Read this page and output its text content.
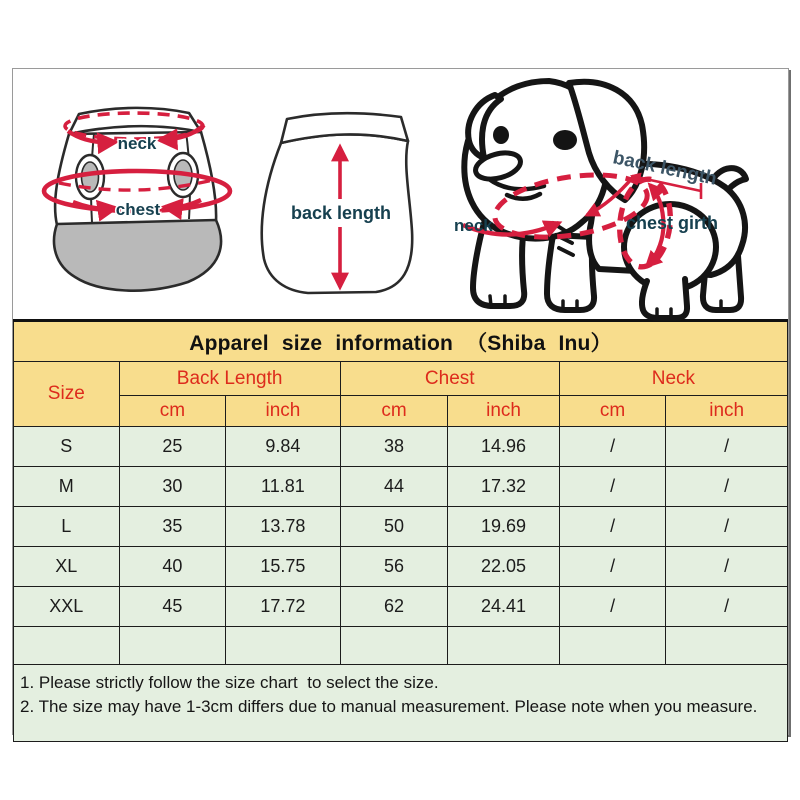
neck
chest	back length
neck
back length
chest girth
Apparel size information （Shiba Inu）						
Size	Back Length		Chest		Neck	
	cm	inch	cm	inch	cm	inch
S	25	9.84	38	14.96	/	/
M	30	11.81	44	17.32	/	/
L	35	13.78	50	19.69	/	/
XL	40	15.75	56	22.05	/	/
XXL	45	17.72	62	24.41	/	/

1. Please strictly follow the size chart  to select the size.
2. The size may have 1-3cm differs due to manual measurement. Please note when you measure.						
